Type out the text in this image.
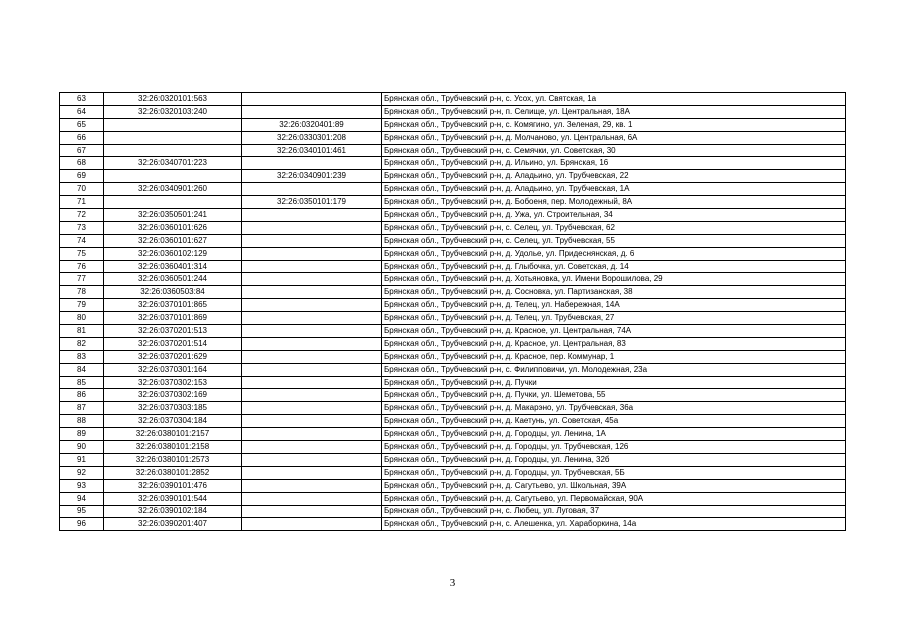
63	32:26:0320101:563		Брянская обл., Трубчевский р-н, с. Усох, ул. Святская, 1а
64	32:26:0320103:240		Брянская обл., Трубчевский р-н, п. Селище, ул. Центральная, 18А
65		32:26:0320401:89	Брянская обл., Трубчевский р-н, с. Комягино, ул. Зеленая, 29, кв. 1
66		32:26:0330301:208	Брянская обл., Трубчевский р-н, д. Молчаново, ул. Центральная, 6А
67		32:26:0340101:461	Брянская обл., Трубчевский р-н, с. Семячки, ул. Советская, 30
68	32:26:0340701:223		Брянская обл., Трубчевский р-н, д. Ильино, ул. Брянская, 16
69		32:26:0340901:239	Брянская обл., Трубчевский р-н, д. Аладьино, ул. Трубчевская, 22
70	32:26:0340901:260		Брянская обл., Трубчевский р-н, д. Аладьино, ул. Трубчевская, 1А
71		32:26:0350101:179	Брянская обл., Трубчевский р-н, д. Бобоеня, пер. Молодежный, 8А
72	32:26:0350501:241		Брянская обл., Трубчевский р-н, д. Ужа, ул. Строительная, 34
73	32:26:0360101:626		Брянская обл., Трубчевский р-н, с. Селец, ул. Трубчевская, 62
74	32:26:0360101:627		Брянская обл., Трубчевский р-н, с. Селец, ул. Трубчевская, 55
75	32:26:0360102:129		Брянская обл., Трубчевский р-н, д. Удолье, ул. Придеснянская, д. 6
76	32:26:0360401:314		Брянская обл., Трубчевский р-н, д. Глыбочка, ул. Советская, д. 14
77	32:26:0360501:244		Брянская обл., Трубчевский р-н, д. Хотьяновка, ул. Имени Ворошилова, 29
78	32:26:0360503:84		Брянская обл., Трубчевский р-н, д. Сосновка, ул. Партизанская, 38
79	32:26:0370101:865		Брянская обл., Трубчевский р-н, д. Телец, ул. Набережная, 14А
80	32:26:0370101:869		Брянская обл., Трубчевский р-н, д. Телец, ул. Трубчевская, 27
81	32:26:0370201:513		Брянская обл., Трубчевский р-н, д. Красное, ул. Центральная, 74А
82	32:26:0370201:514		Брянская обл., Трубчевский р-н, д. Красное, ул. Центральная, 83
83	32:26:0370201:629		Брянская обл., Трубчевский р-н, д. Красное, пер. Коммунар, 1
84	32:26:0370301:164		Брянская обл., Трубчевский р-н, с. Филипповичи, ул. Молодежная, 23а
85	32:26:0370302:153		Брянская обл., Трубчевский р-н, д. Пучки
86	32:26:0370302:169		Брянская обл., Трубчевский р-н, д. Пучки, ул. Шеметова, 55
87	32:26:0370303:185		Брянская обл., Трубчевский р-н, д. Макарэно, ул. Трубчевская, 36а
88	32:26:0370304:184		Брянская обл., Трубчевский р-н, д. Каетунь, ул. Советская, 45а
89	32:26:0380101:2157		Брянская обл., Трубчевский р-н, д. Городцы, ул. Ленина, 1А
90	32:26:0380101:2158		Брянская обл., Трубчевский р-н, д. Городцы, ул. Трубчевская, 126
91	32:26:0380101:2573		Брянская обл., Трубчевский р-н, д. Городцы, ул. Ленина, 32б
92	32:26:0380101:2852		Брянская обл., Трубчевский р-н, д. Городцы, ул. Трубчевская, 5Б
93	32:26:0390101:476		Брянская обл., Трубчевский р-н, д. Сагутьево, ул. Школьная, 39А
94	32:26:0390101:544		Брянская обл., Трубчевский р-н, д. Сагутьево, ул. Первомайская, 90А
95	32:26:0390102:184		Брянская обл., Трубчевский р-н, с. Любец, ул. Луговая, 37
96	32:26:0390201:407		Брянская обл., Трубчевский р-н, с. Алешенка, ул. Хараборкина, 14а
3
